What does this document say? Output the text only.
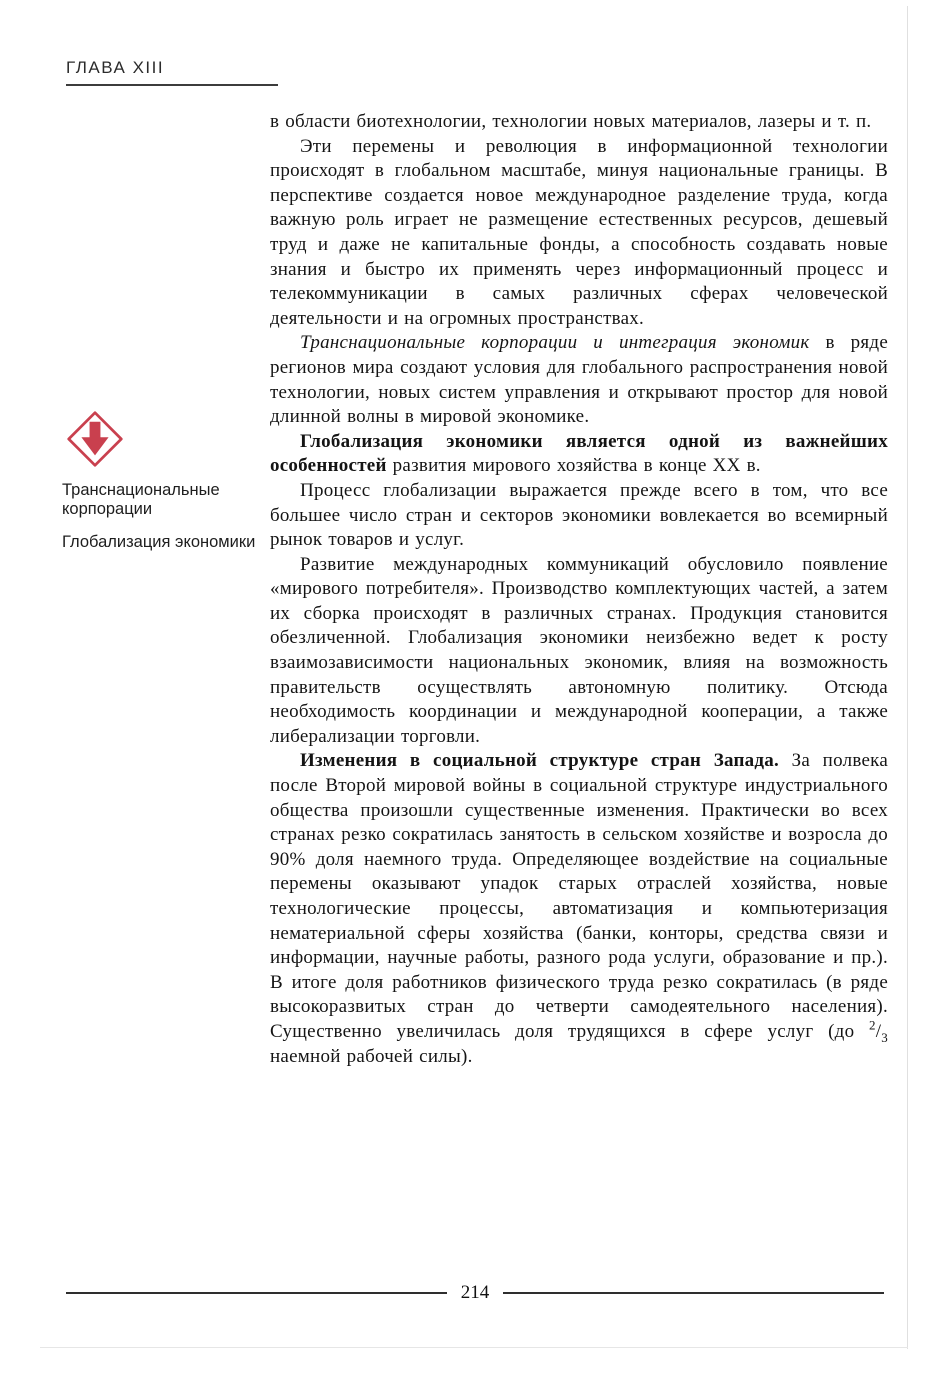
ГЛАВА XIII
Транснациональные корпорации
Глобализация экономики

в области биотехнологии, технологии новых материалов, лазеры и т. п.

Эти перемены и революция в информационной технологии происходят в глобальном масштабе, минуя национальные границы. В перспективе создается новое международное разделение труда, когда важную роль играет не размещение естественных ресурсов, дешевый труд и даже не капитальные фонды, а способность создавать новые знания и быстро их применять через информационный процесс и телекоммуникации в самых различных сферах человеческой деятельности и на огромных пространствах.

Транснациональные корпорации и интеграция экономик в ряде регионов мира создают условия для глобального распространения новой технологии, новых систем управления и открывают простор для новой длинной волны в мировой экономике.

Глобализация экономики является одной из важнейших особенностей развития мирового хозяйства в конце XX в.

Процесс глобализации выражается прежде всего в том, что все большее число стран и секторов экономики вовлекается во всемирный рынок товаров и услуг.

Развитие международных коммуникаций обусловило появление «мирового потребителя». Производство комплектующих частей, а затем их сборка происходят в различных странах. Продукция становится обезличенной. Глобализация экономики неизбежно ведет к росту взаимозависимости национальных экономик, влияя на возможность правительств осуществлять автономную политику. Отсюда необходимость координации и международной кооперации, а также либерализации торговли.

Изменения в социальной структуре стран Запада. За полвека после Второй мировой войны в социальной структуре индустриального общества произошли существенные изменения. Практически во всех странах резко сократилась занятость в сельском хозяйстве и возросла до 90% доля наемного труда. Определяющее воздействие на социальные перемены оказывают упадок старых отраслей хозяйства, новые технологические процессы, автоматизация и компьютеризация нематериальной сферы хозяйства (банки, конторы, средства связи и информации, научные работы, разного рода услуги, образование и пр.). В итоге доля работников физического труда резко сократилась (в ряде высокоразвитых стран до четверти самодеятельного населения). Существенно увеличилась доля трудящихся в сфере услуг (до $^2/_3$ наемной рабочей силы).

214
